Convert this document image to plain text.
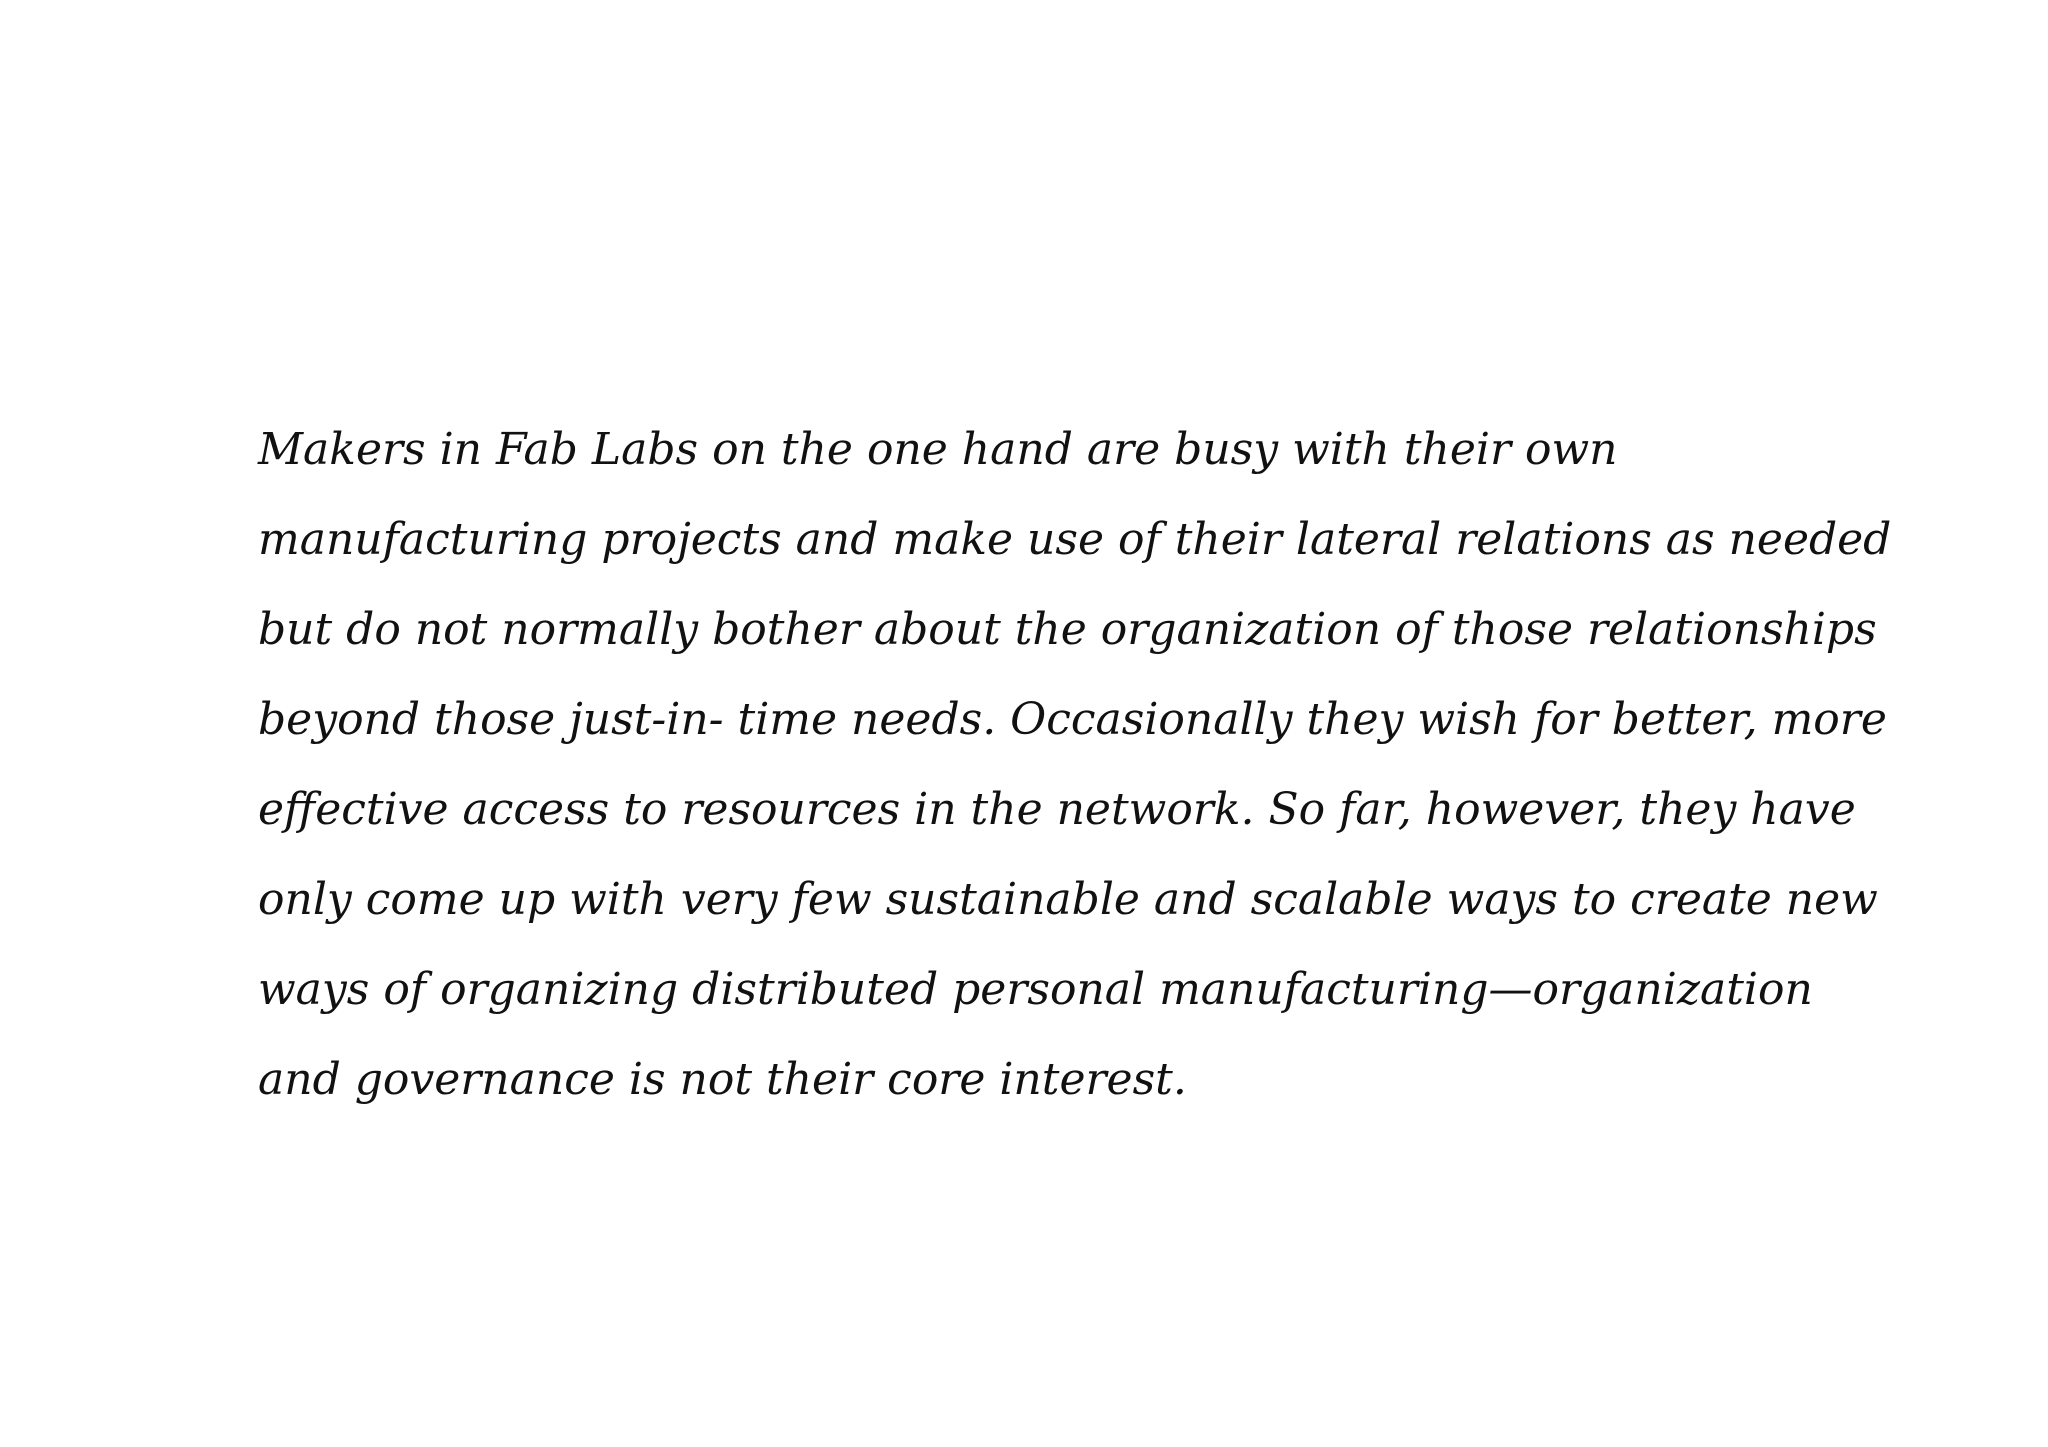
Makers in Fab Labs on the one hand are busy with their own
manufacturing projects and make use of their lateral relations as needed
but do not normally bother about the organization of those relationships
beyond those just-in- time needs. Occasionally they wish for better, more
effective access to resources in the network. So far, however, they have
only come up with very few sustainable and scalable ways to create new
ways of organizing distributed personal manufacturing—organization
and governance is not their core interest.
